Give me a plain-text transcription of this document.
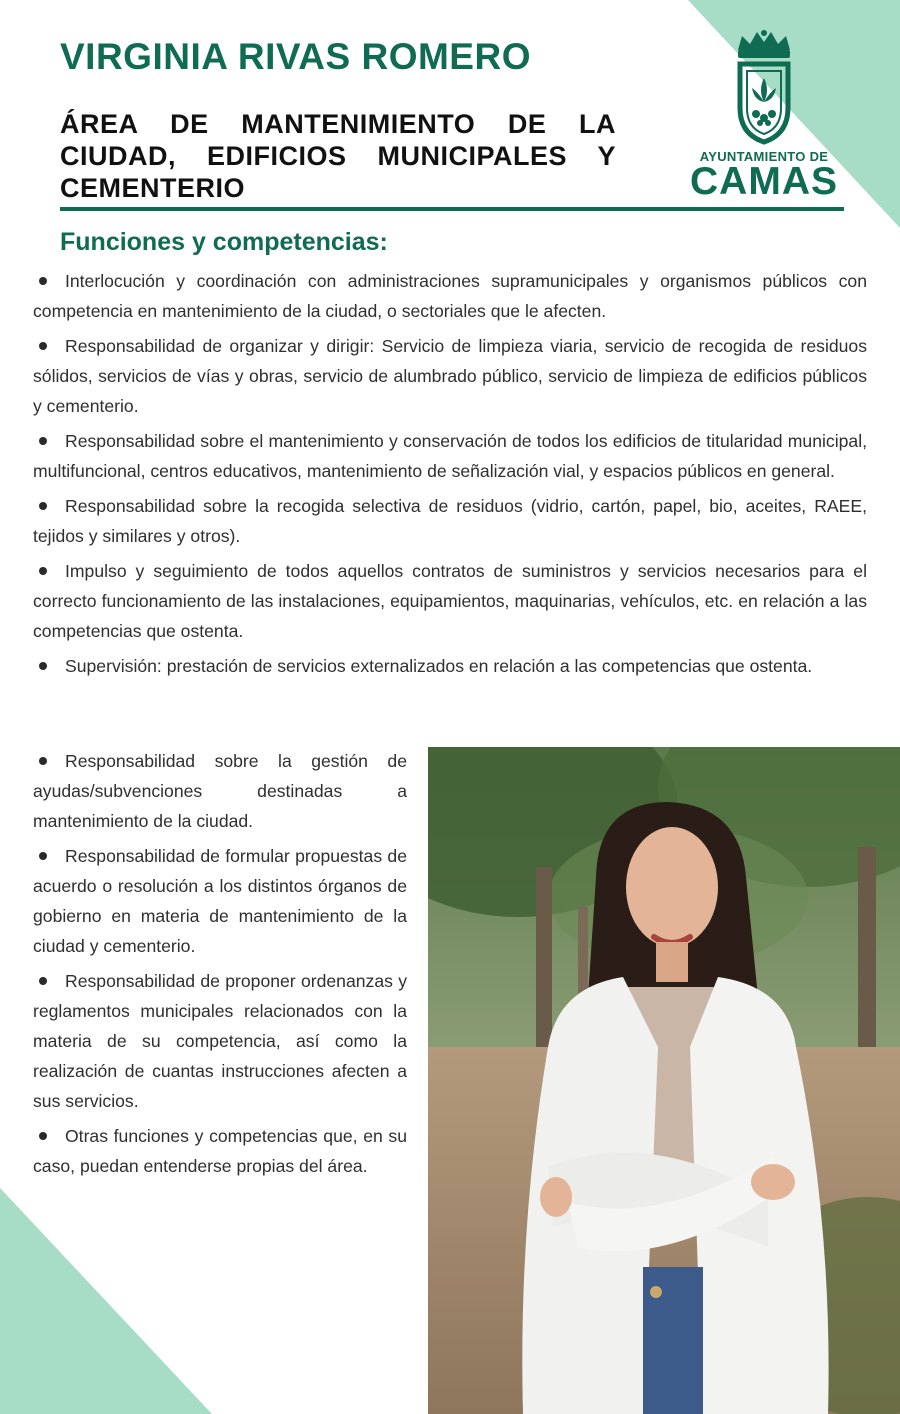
VIRGINIA RIVAS ROMERO
ÁREA DE MANTENIMIENTO DE LA CIUDAD, EDIFICIOS MUNICIPALES Y CEMENTERIO
AYUNTAMIENTO DE
CAMAS
Funciones y competencias:
Interlocución y coordinación con administraciones supramunicipales y organismos públicos con competencia en mantenimiento de la ciudad, o sectoriales que le afecten.
Responsabilidad de organizar y dirigir: Servicio de limpieza viaria, servicio de recogida de residuos sólidos, servicios de vías y obras, servicio de alumbrado público, servicio de limpieza de edificios públicos y cementerio.
Responsabilidad sobre el mantenimiento y conservación de todos los edificios de titularidad municipal, multifuncional, centros educativos, mantenimiento de señalización vial, y espacios públicos en general.
Responsabilidad sobre la recogida selectiva de residuos (vidrio, cartón, papel, bio, aceites, RAEE, tejidos y similares y otros).
Impulso y seguimiento de todos aquellos contratos de suministros y servicios necesarios para el correcto funcionamiento de las instalaciones, equipamientos, maquinarias, vehículos, etc. en relación a las competencias que ostenta.
Supervisión: prestación de servicios externalizados en relación a las competencias que ostenta.
Responsabilidad sobre la gestión de ayudas/subvenciones destinadas a mantenimiento de la ciudad.
Responsabilidad de formular propuestas de acuerdo o resolución a los distintos órganos de gobierno en materia de mantenimiento de la ciudad y cementerio.
Responsabilidad de proponer ordenanzas y reglamentos municipales relacionados con la materia de su competencia, así como la realización de cuantas instrucciones afecten a sus servicios.
Otras funciones y competencias que, en su caso, puedan entenderse propias del área.
